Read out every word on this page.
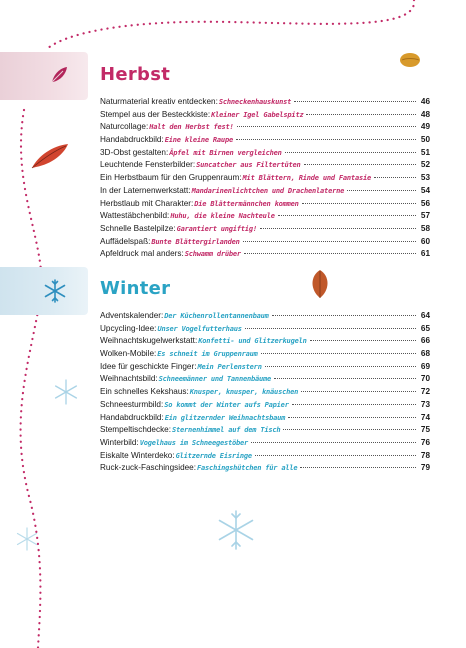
Herbst
Naturmaterial kreativ entdecken: Schneckenhauskunst	46
Stempel aus der Besteckkiste: Kleiner Igel Gabelspitz	48
Naturcollage: Halt den Herbst fest!	49
Handabdruckbild: Eine kleine Raupe	50
3D-Obst gestalten: Äpfel mit Birnen vergleichen	51
Leuchtende Fensterbilder: Suncatcher aus Filtertüten	52
Ein Herbstbaum für den Gruppenraum: Mit Blättern, Rinde und Fantasie	53
In der Laternenwerkstatt: Mandarinenlichtchen und Drachenlaterne	54
Herbstlaub mit Charakter: Die Blättermännchen kommen	56
Wattestäbchenbild: Huhu, die kleine Nachteule	57
Schnelle Bastelpilze: Garantiert ungiftig!	58
Auffädelspaß: Bunte Blättergirlanden	60
Apfeldruck mal anders: Schwamm drüber	61
Winter
Adventskalender: Der Küchenrollentannenbaum	64
Upcycling-Idee: Unser Vogelfutterhaus	65
Weihnachtskugelwerkstatt: Konfetti- und Glitzerkugeln	66
Wolken-Mobile: Es schneit im Gruppenraum	68
Idee für geschickte Finger: Mein Perlenstern	69
Weihnachtsbild: Schneemänner und Tannenbäume	70
Ein schnelles Kekshaus: Knusper, knusper, knäuschen	72
Schneesturmbild: So kommt der Winter aufs Papier	73
Handabdruckbild: Ein glitzernder Weihnachtsbaum	74
Stempeltischdecke: Sternenhimmel auf dem Tisch	75
Winterbild: Vogelhaus im Schneegestöber	76
Eiskalte Winterdeko: Glitzernde Eisringe	78
Ruck-zuck-Faschingsidee: Faschingshütchen für alle	79
